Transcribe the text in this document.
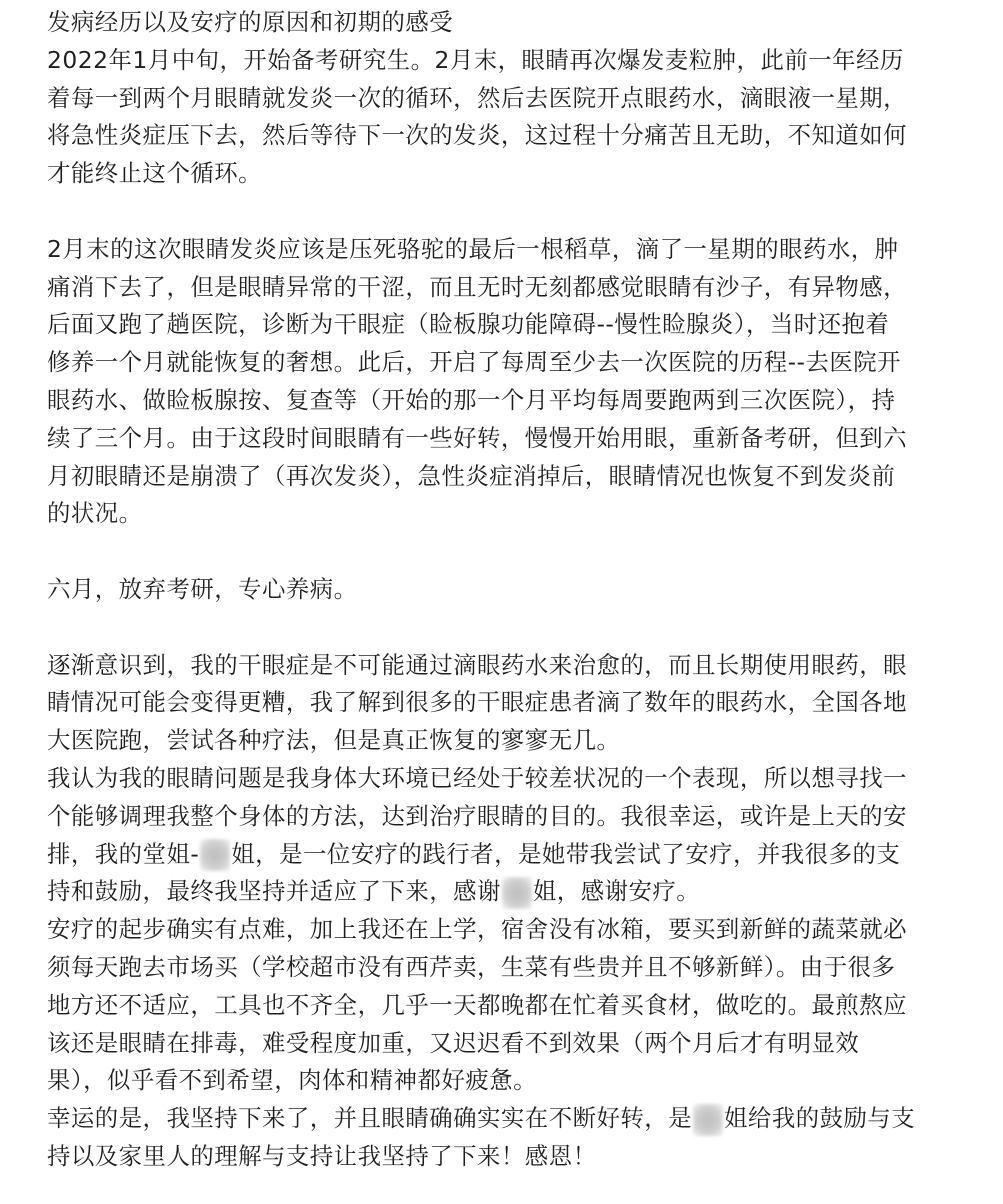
发病经历以及安疗的原因和初期的感受
2022年1月中旬，开始备考研究生。2月末，眼睛再次爆发麦粒肿，此前一年经历
着每一到两个月眼睛就发炎一次的循环，然后去医院开点眼药水，滴眼液一星期，
将急性炎症压下去，然后等待下一次的发炎，这过程十分痛苦且无助，不知道如何
才能终止这个循环。
2月末的这次眼睛发炎应该是压死骆驼的最后一根稻草，滴了一星期的眼药水，肿
痛消下去了，但是眼睛异常的干涩，而且无时无刻都感觉眼睛有沙子，有异物感，
后面又跑了趟医院，诊断为干眼症（睑板腺功能障碍--慢性睑腺炎），当时还抱着
修养一个月就能恢复的奢想。此后，开启了每周至少去一次医院的历程--去医院开
眼药水、做睑板腺按、复查等（开始的那一个月平均每周要跑两到三次医院），持
续了三个月。由于这段时间眼睛有一些好转，慢慢开始用眼，重新备考研，但到六
月初眼睛还是崩溃了（再次发炎），急性炎症消掉后，眼睛情况也恢复不到发炎前
的状况。
六月，放弃考研，专心养病。
逐渐意识到，我的干眼症是不可能通过滴眼药水来治愈的，而且长期使用眼药，眼
睛情况可能会变得更糟，我了解到很多的干眼症患者滴了数年的眼药水，全国各地
大医院跑，尝试各种疗法，但是真正恢复的寥寥无几。
我认为我的眼睛问题是我身体大环境已经处于较差状况的一个表现，所以想寻找一
个能够调理我整个身体的方法，达到治疗眼睛的目的。我很幸运，或许是上天的安
排，我的堂姐- 姐，是一位安疗的践行者，是她带我尝试了安疗，并我很多的支
持和鼓励，最终我坚持并适应了下来，感谢 姐，感谢安疗。
安疗的起步确实有点难，加上我还在上学，宿舍没有冰箱，要买到新鲜的蔬菜就必
须每天跑去市场买（学校超市没有西芹卖，生菜有些贵并且不够新鲜）。由于很多
地方还不适应，工具也不齐全，几乎一天都晚都在忙着买食材，做吃的。最煎熬应
该还是眼睛在排毒，难受程度加重，又迟迟看不到效果（两个月后才有明显效
果），似乎看不到希望，肉体和精神都好疲惫。
幸运的是，我坚持下来了，并且眼睛确确实实在不断好转，是 姐给我的鼓励与支
持以及家里人的理解与支持让我坚持了下来！感恩！
